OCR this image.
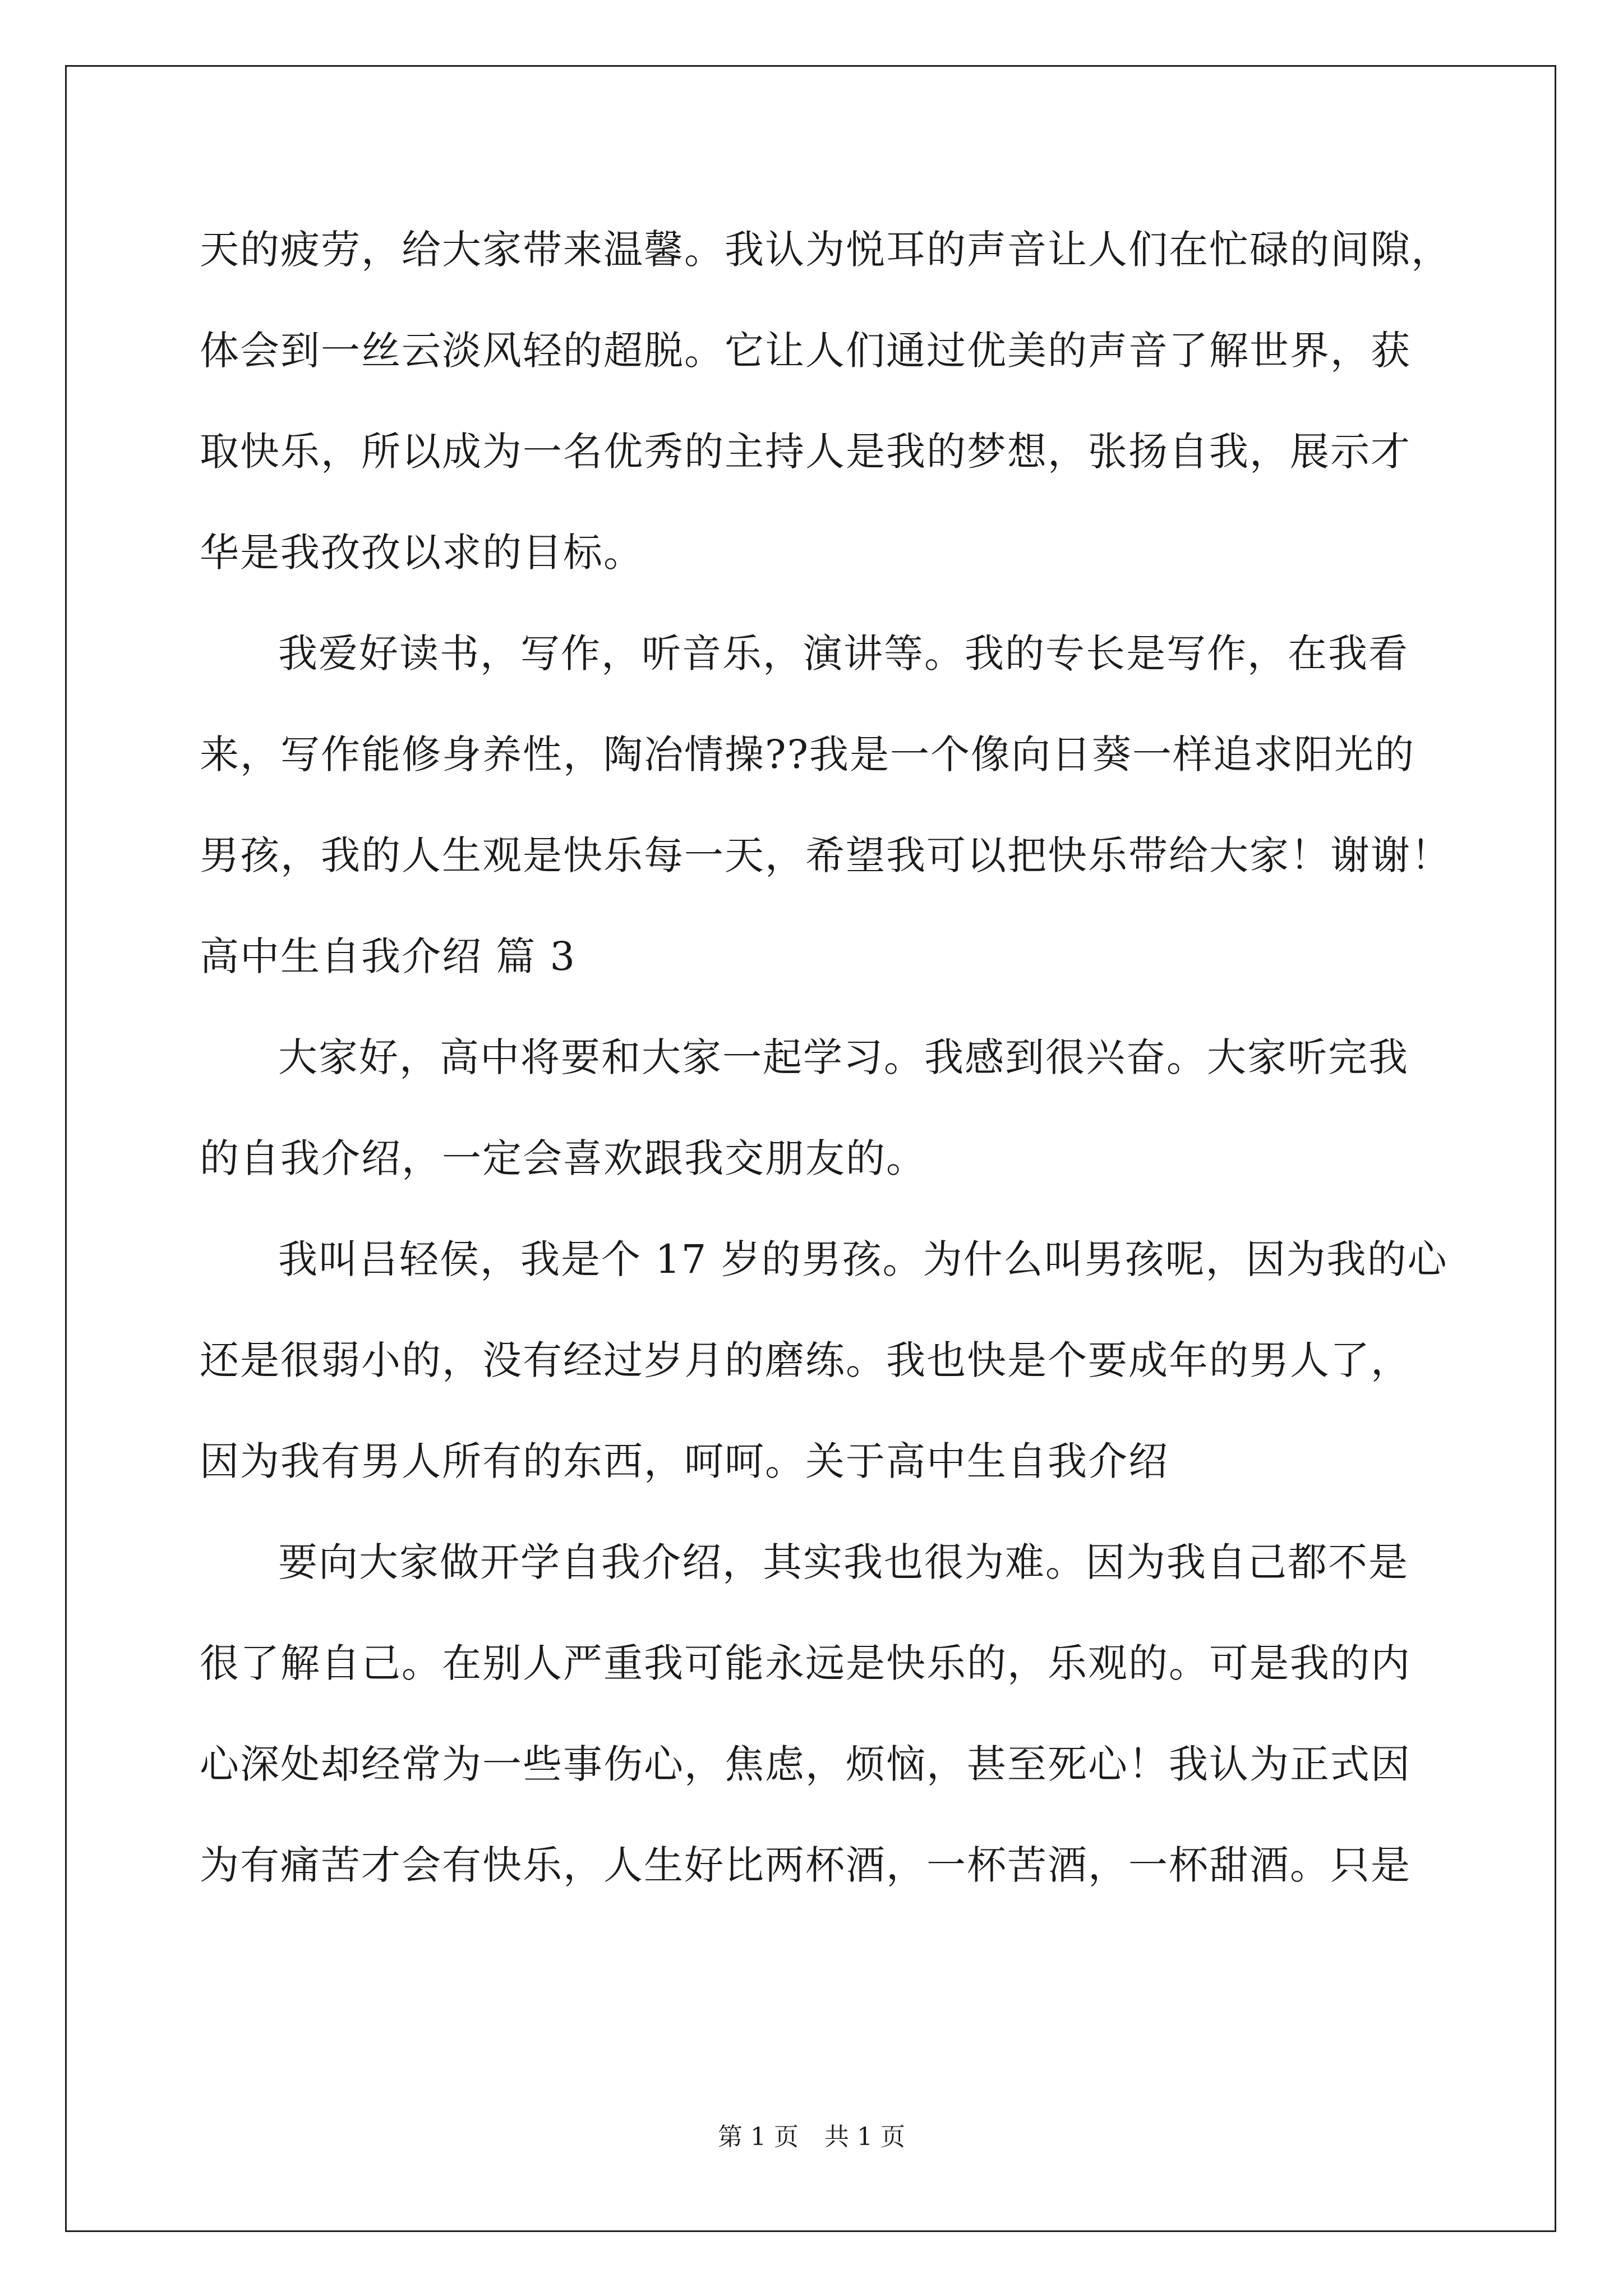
天的疲劳，给大家带来温馨。我认为悦耳的声音让人们在忙碌的间隙，
体会到一丝云淡风轻的超脱。它让人们通过优美的声音了解世界，获
取快乐，所以成为一名优秀的主持人是我的梦想，张扬自我，展示才
华是我孜孜以求的目标。
我爱好读书，写作，听音乐，演讲等。我的专长是写作，在我看
来，写作能修身养性，陶冶情操??我是一个像向日葵一样追求阳光的
男孩，我的人生观是快乐每一天，希望我可以把快乐带给大家！谢谢！
高中生自我介绍 篇 3
大家好，高中将要和大家一起学习。我感到很兴奋。大家听完我
的自我介绍，一定会喜欢跟我交朋友的。
我叫吕轻侯，我是个 17 岁的男孩。为什么叫男孩呢，因为我的心
还是很弱小的，没有经过岁月的磨练。我也快是个要成年的男人了，
因为我有男人所有的东西，呵呵。关于高中生自我介绍
要向大家做开学自我介绍，其实我也很为难。因为我自己都不是
很了解自己。在别人严重我可能永远是快乐的，乐观的。可是我的内
心深处却经常为一些事伤心，焦虑，烦恼，甚至死心！我认为正式因
为有痛苦才会有快乐，人生好比两杯酒，一杯苦酒，一杯甜酒。只是
第 1 页 共 1 页
